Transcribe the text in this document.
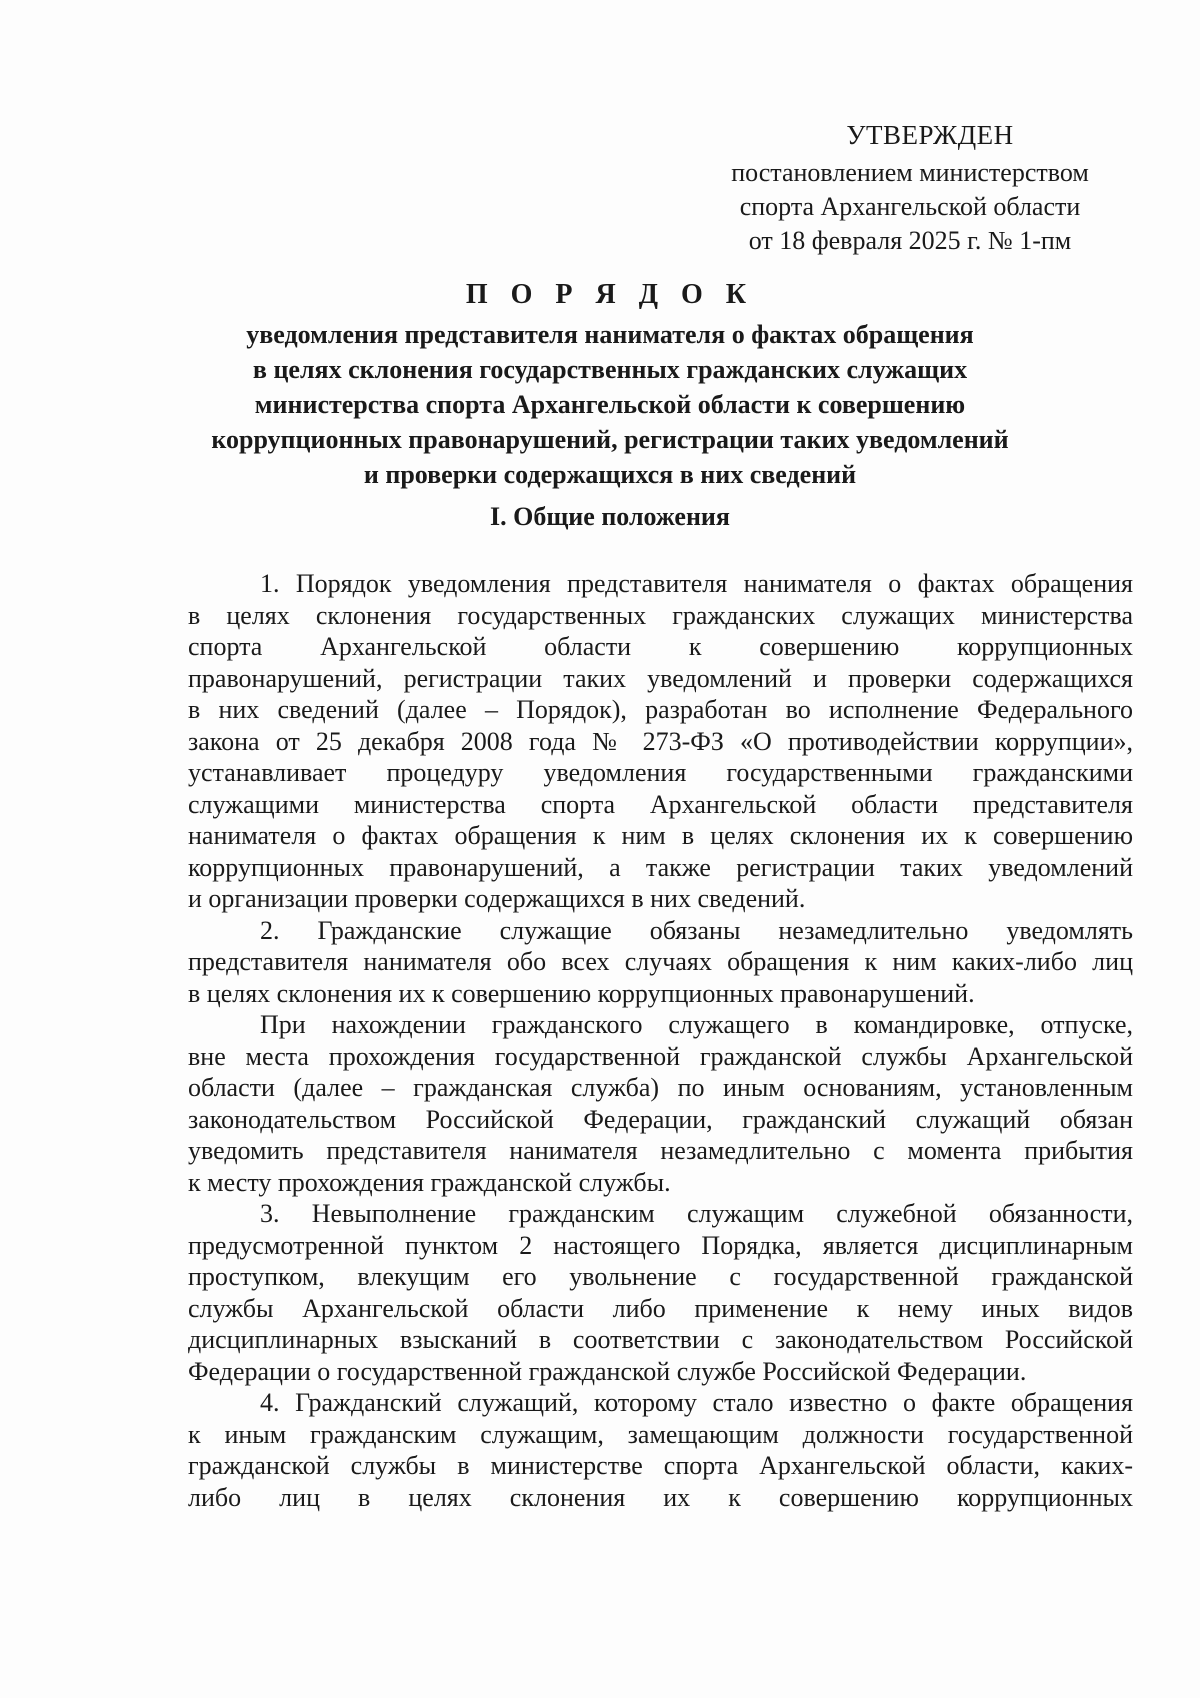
УТВЕРЖДЕН
постановлением министерством
спорта Архангельской области
от 18 февраля 2025 г. № 1-пм
П О Р Я Д О К
уведомления представителя нанимателя о фактах обращения
в целях склонения государственных гражданских служащих
министерства спорта Архангельской области к совершению
коррупционных правонарушений, регистрации таких уведомлений
и проверки содержащихся в них сведений
I. Общие положения
1. Порядок уведомления представителя нанимателя о фактах обращения
в целях склонения государственных гражданских служащих министерства
спорта Архангельской области к совершению коррупционных
правонарушений, регистрации таких уведомлений и проверки содержащихся
в них сведений (далее – Порядок), разработан во исполнение Федерального
закона от 25 декабря 2008 года № 273-ФЗ «О противодействии коррупции»,
устанавливает процедуру уведомления государственными гражданскими
служащими министерства спорта Архангельской области представителя
нанимателя о фактах обращения к ним в целях склонения их к совершению
коррупционных правонарушений, а также регистрации таких уведомлений
и организации проверки содержащихся в них сведений.
2. Гражданские служащие обязаны незамедлительно уведомлять
представителя нанимателя обо всех случаях обращения к ним каких-либо лиц
в целях склонения их к совершению коррупционных правонарушений.
При нахождении гражданского служащего в командировке, отпуске,
вне места прохождения государственной гражданской службы Архангельской
области (далее – гражданская служба) по иным основаниям, установленным
законодательством Российской Федерации, гражданский служащий обязан
уведомить представителя нанимателя незамедлительно с момента прибытия
к месту прохождения гражданской службы.
3. Невыполнение гражданским служащим служебной обязанности,
предусмотренной пунктом 2 настоящего Порядка, является дисциплинарным
проступком, влекущим его увольнение с государственной гражданской
службы Архангельской области либо применение к нему иных видов
дисциплинарных взысканий в соответствии с законодательством Российской
Федерации о государственной гражданской службе Российской Федерации.
4. Гражданский служащий, которому стало известно о факте обращения
к иным гражданским служащим, замещающим должности государственной
гражданской службы в министерстве спорта Архангельской области, каких-
либо лиц в целях склонения их к совершению коррупционных
